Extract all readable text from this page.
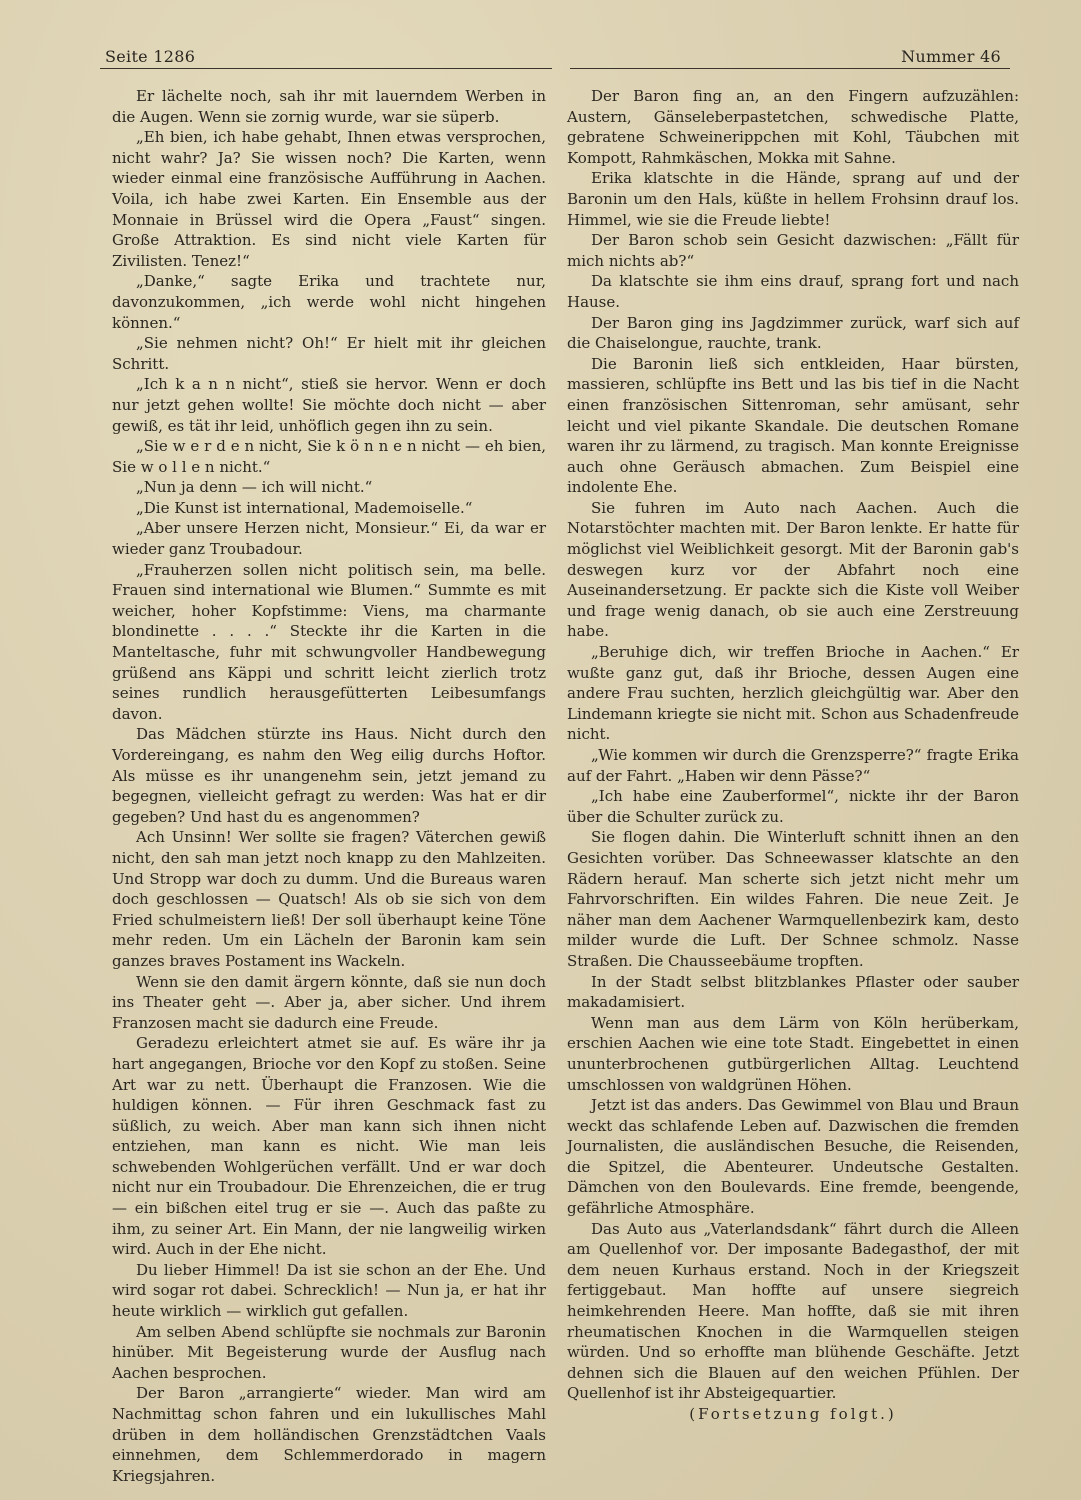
Seite 1286	Nummer 46

Er lächelte noch, sah ihr mit lauerndem Werben in die Augen. Wenn sie zornig wurde, war sie süperb.

„Eh bien, ich habe gehabt, Ihnen etwas versprochen, nicht wahr? Ja? Sie wissen noch? Die Karten, wenn wieder einmal eine französische Aufführung in Aachen. Voila, ich habe zwei Karten. Ein Ensemble aus der Monnaie in Brüssel wird die Opera „Faust“ singen. Große Attraktion. Es sind nicht viele Karten für Zivilisten. Tenez!“

„Danke,“ sagte Erika und trachtete nur, davonzukommen, „ich werde wohl nicht hingehen können.“

„Sie nehmen nicht? Oh!“ Er hielt mit ihr gleichen Schritt.

„Ich k a n n nicht“, stieß sie hervor. Wenn er doch nur jetzt gehen wollte! Sie möchte doch nicht — aber gewiß, es tät ihr leid, unhöflich gegen ihn zu sein.

„Sie w e r d e n nicht, Sie k ö n n e n nicht — eh bien, Sie w o l l e n nicht.“

„Nun ja denn — ich will nicht.“

„Die Kunst ist international, Mademoiselle.“

„Aber unsere Herzen nicht, Monsieur.“ Ei, da war er wieder ganz Troubadour.

„Frauherzen sollen nicht politisch sein, ma belle. Frauen sind international wie Blumen.“ Summte es mit weicher, hoher Kopfstimme: Viens, ma charmante blondinette . . . .“ Steckte ihr die Karten in die Manteltasche, fuhr mit schwungvoller Handbewegung grüßend ans Käppi und schritt leicht zierlich trotz seines rundlich herausgefütterten Leibesumfangs davon.

Das Mädchen stürzte ins Haus. Nicht durch den Vordereingang, es nahm den Weg eilig durchs Hoftor. Als müsse es ihr unangenehm sein, jetzt jemand zu begegnen, vielleicht gefragt zu werden: Was hat er dir gegeben? Und hast du es angenommen?

Ach Unsinn! Wer sollte sie fragen? Väterchen gewiß nicht, den sah man jetzt noch knapp zu den Mahlzeiten. Und Stropp war doch zu dumm. Und die Bureaus waren doch geschlossen — Quatsch! Als ob sie sich von dem Fried schulmeistern ließ! Der soll überhaupt keine Töne mehr reden. Um ein Lächeln der Baronin kam sein ganzes braves Postament ins Wackeln.

Wenn sie den damit ärgern könnte, daß sie nun doch ins Theater geht —. Aber ja, aber sicher. Und ihrem Franzosen macht sie dadurch eine Freude.

Geradezu erleichtert atmet sie auf. Es wäre ihr ja hart angegangen, Brioche vor den Kopf zu stoßen. Seine Art war zu nett. Überhaupt die Franzosen. Wie die huldigen können. — Für ihren Geschmack fast zu süßlich, zu weich. Aber man kann sich ihnen nicht entziehen, man kann es nicht. Wie man leis schwebenden Wohlgerüchen verfällt. Und er war doch nicht nur ein Troubadour. Die Ehrenzeichen, die er trug — ein bißchen eitel trug er sie —. Auch das paßte zu ihm, zu seiner Art. Ein Mann, der nie langweilig wirken wird. Auch in der Ehe nicht.

Du lieber Himmel! Da ist sie schon an der Ehe. Und wird sogar rot dabei. Schrecklich! — Nun ja, er hat ihr heute wirklich — wirklich gut gefallen.

Am selben Abend schlüpfte sie nochmals zur Baronin hinüber. Mit Begeisterung wurde der Ausflug nach Aachen besprochen.

Der Baron „arrangierte“ wieder. Man wird am Nachmittag schon fahren und ein lukullisches Mahl drüben in dem holländischen Grenzstädtchen Vaals einnehmen, dem Schlemmerdorado in magern Kriegsjahren.

Der Baron fing an, an den Fingern aufzuzählen: Austern, Gänseleberpastetchen, schwedische Platte, gebratene Schweinerippchen mit Kohl, Täubchen mit Kompott, Rahmkäschen, Mokka mit Sahne.

Erika klatschte in die Hände, sprang auf und der Baronin um den Hals, küßte in hellem Frohsinn drauf los. Himmel, wie sie die Freude liebte!

Der Baron schob sein Gesicht dazwischen: „Fällt für mich nichts ab?“

Da klatschte sie ihm eins drauf, sprang fort und nach Hause.

Der Baron ging ins Jagdzimmer zurück, warf sich auf die Chaiselongue, rauchte, trank.

Die Baronin ließ sich entkleiden, Haar bürsten, massieren, schlüpfte ins Bett und las bis tief in die Nacht einen französischen Sittenroman, sehr amüsant, sehr leicht und viel pikante Skandale. Die deutschen Romane waren ihr zu lärmend, zu tragisch. Man konnte Ereignisse auch ohne Geräusch abmachen. Zum Beispiel eine indolente Ehe.

Sie fuhren im Auto nach Aachen. Auch die Notarstöchter machten mit. Der Baron lenkte. Er hatte für möglichst viel Weiblichkeit gesorgt. Mit der Baronin gab's deswegen kurz vor der Abfahrt noch eine Auseinandersetzung. Er packte sich die Kiste voll Weiber und frage wenig danach, ob sie auch eine Zerstreuung habe.

„Beruhige dich, wir treffen Brioche in Aachen.“ Er wußte ganz gut, daß ihr Brioche, dessen Augen eine andere Frau suchten, herzlich gleichgültig war. Aber den Lindemann kriegte sie nicht mit. Schon aus Schadenfreude nicht.

„Wie kommen wir durch die Grenzsperre?“ fragte Erika auf der Fahrt. „Haben wir denn Pässe?“

„Ich habe eine Zauberformel“, nickte ihr der Baron über die Schulter zurück zu.

Sie flogen dahin. Die Winterluft schnitt ihnen an den Gesichten vorüber. Das Schneewasser klatschte an den Rädern herauf. Man scherte sich jetzt nicht mehr um Fahrvorschriften. Ein wildes Fahren. Die neue Zeit. Je näher man dem Aachener Warmquellenbezirk kam, desto milder wurde die Luft. Der Schnee schmolz. Nasse Straßen. Die Chausseebäume tropften.

In der Stadt selbst blitzblankes Pflaster oder sauber makadamisiert.

Wenn man aus dem Lärm von Köln herüberkam, erschien Aachen wie eine tote Stadt. Eingebettet in einen ununterbrochenen gutbürgerlichen Alltag. Leuchtend umschlossen von waldgrünen Höhen.

Jetzt ist das anders. Das Gewimmel von Blau und Braun weckt das schlafende Leben auf. Dazwischen die fremden Journalisten, die ausländischen Besuche, die Reisenden, die Spitzel, die Abenteurer. Undeutsche Gestalten. Dämchen von den Boulevards. Eine fremde, beengende, gefährliche Atmosphäre.

Das Auto aus „Vaterlandsdank“ fährt durch die Alleen am Quellenhof vor. Der imposante Badegasthof, der mit dem neuen Kurhaus erstand. Noch in der Kriegszeit fertiggebaut. Man hoffte auf unsere siegreich heimkehrenden Heere. Man hoffte, daß sie mit ihren rheumatischen Knochen in die Warmquellen steigen würden. Und so erhoffte man blühende Geschäfte. Jetzt dehnen sich die Blauen auf den weichen Pfühlen. Der Quellenhof ist ihr Absteigequartier.

(Fortsetzung folgt.)
